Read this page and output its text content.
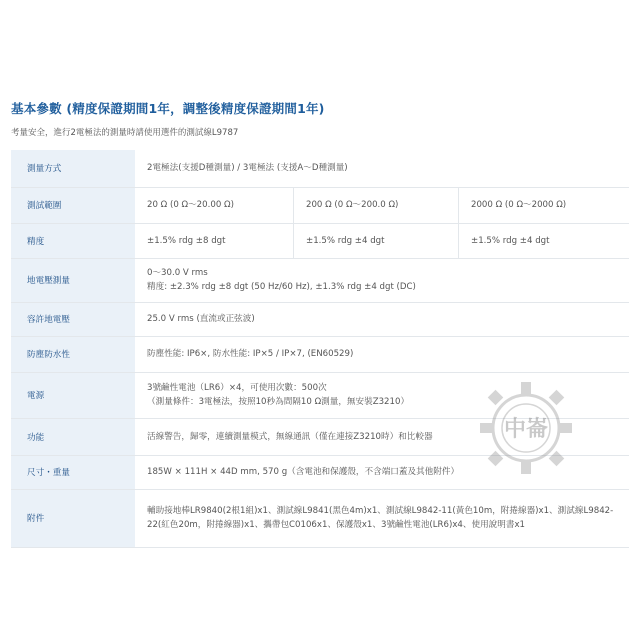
基本參數 (精度保證期間1年，調整後精度保證期間1年)
考量安全，進行2電極法的測量時請使用選件的測試線L9787
測量方式	2電極法(支援D種測量) / 3電極法 (支援A～D種測量)		
測試範圍	20 Ω (0 Ω～20.00 Ω)	200 Ω (0 Ω～200.0 Ω)	2000 Ω (0 Ω～2000 Ω)
精度	±1.5% rdg ±8 dgt	±1.5% rdg ±4 dgt	±1.5% rdg ±4 dgt
地電壓測量	0～30.0 V rms
精度: ±2.3% rdg ±8 dgt (50 Hz/60 Hz), ±1.3% rdg ±4 dgt (DC)		

容許地電壓	25.0 V rms (直流或正弦波)		
防塵防水性	防塵性能: IP6×, 防水性能: IP×5 / IP×7, (EN60529)		
電源	3號鹼性電池（LR6）×4，可使用次數：500次
（測量條件：3電極法，按照10秒為間隔10 Ω測量，無安裝Z3210）		

功能	活線警告，歸零，連續測量模式，無線通訊（僅在連接Z3210時）和比較器		
尺寸・重量	185W × 111H × 44D mm, 570 g（含電池和保護殼，不含端口蓋及其他附件）		
附件	輔助接地棒LR9840(2根1組)x1、測試線L9841(黑色4m)x1、測試線L9842-11(黃色10m，附捲線器)x1、測試線L9842-22(紅色20m，附捲線器)x1、攜帶包C0106x1、保護殼x1、3號鹼性電池(LR6)x4、使用說明書x1		
中崙
